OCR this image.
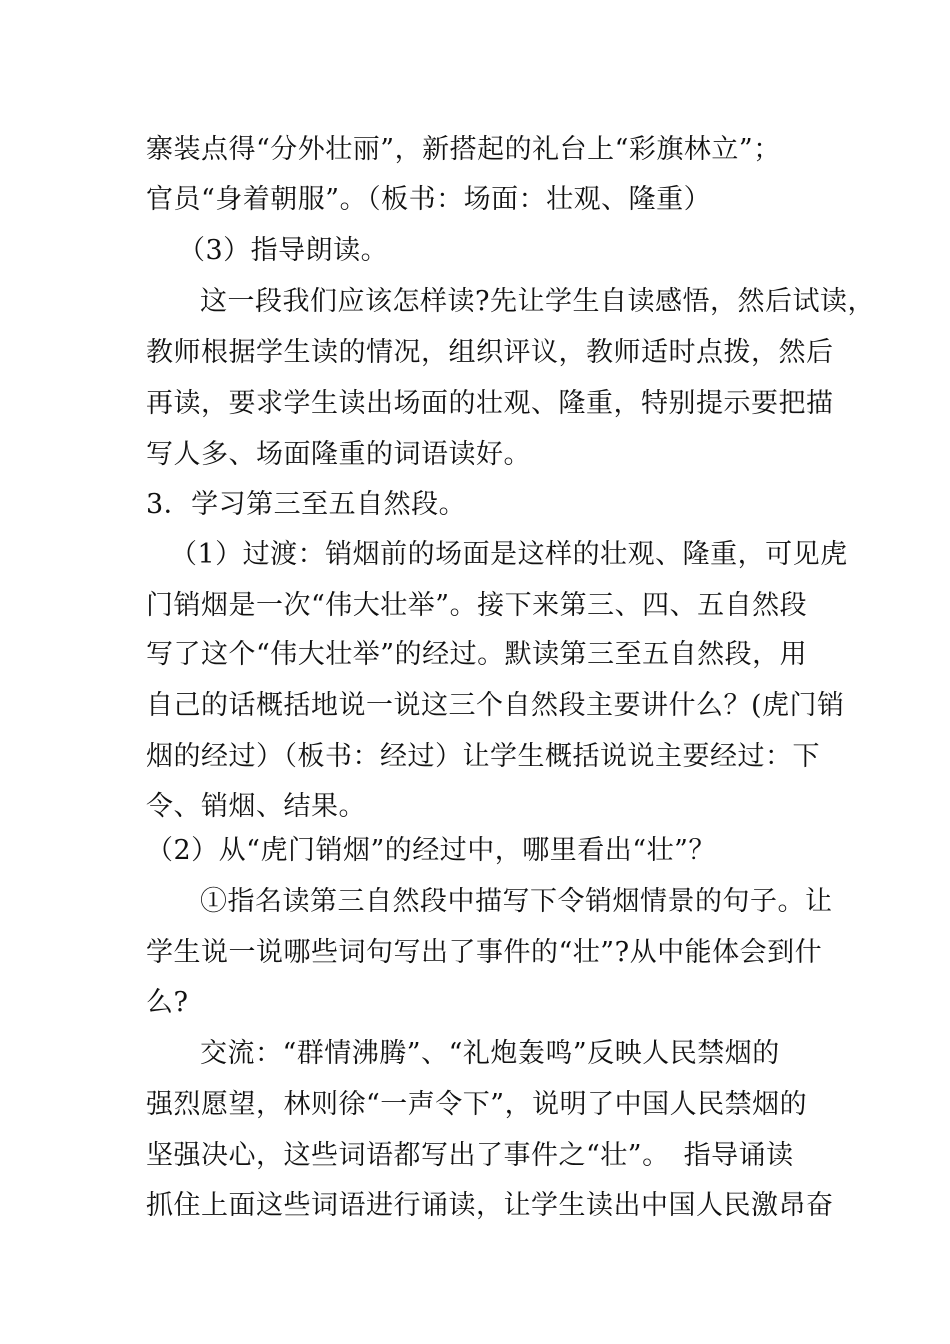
寨装点得“分外壮丽”，新搭起的礼台上“彩旗林立”；
官员“身着朝服”。（板书：场面：壮观、隆重）
（3）指导朗读。
这一段我们应该怎样读?先让学生自读感悟，然后试读，
教师根据学生读的情况，组织评议，教师适时点拨，然后
再读，要求学生读出场面的壮观、隆重，特别提示要把描
写人多、场面隆重的词语读好。
3．学习第三至五自然段。
（1）过渡：销烟前的场面是这样的壮观、隆重，可见虎
门销烟是一次“伟大壮举”。接下来第三、四、五自然段
写了这个“伟大壮举”的经过。默读第三至五自然段，用
自己的话概括地说一说这三个自然段主要讲什么？(虎门销
烟的经过）（板书：经过）让学生概括说说主要经过：下
令、销烟、结果。
（2）从“虎门销烟”的经过中，哪里看出“壮”？
①指名读第三自然段中描写下令销烟情景的句子。让
学生说一说哪些词句写出了事件的“壮”?从中能体会到什
么?
交流：“群情沸腾”、“礼炮轰鸣”反映人民禁烟的
强烈愿望，林则徐“一声令下”，说明了中国人民禁烟的
坚强决心，这些词语都写出了事件之“壮”。　指导诵读
抓住上面这些词语进行诵读，让学生读出中国人民激昂奋
